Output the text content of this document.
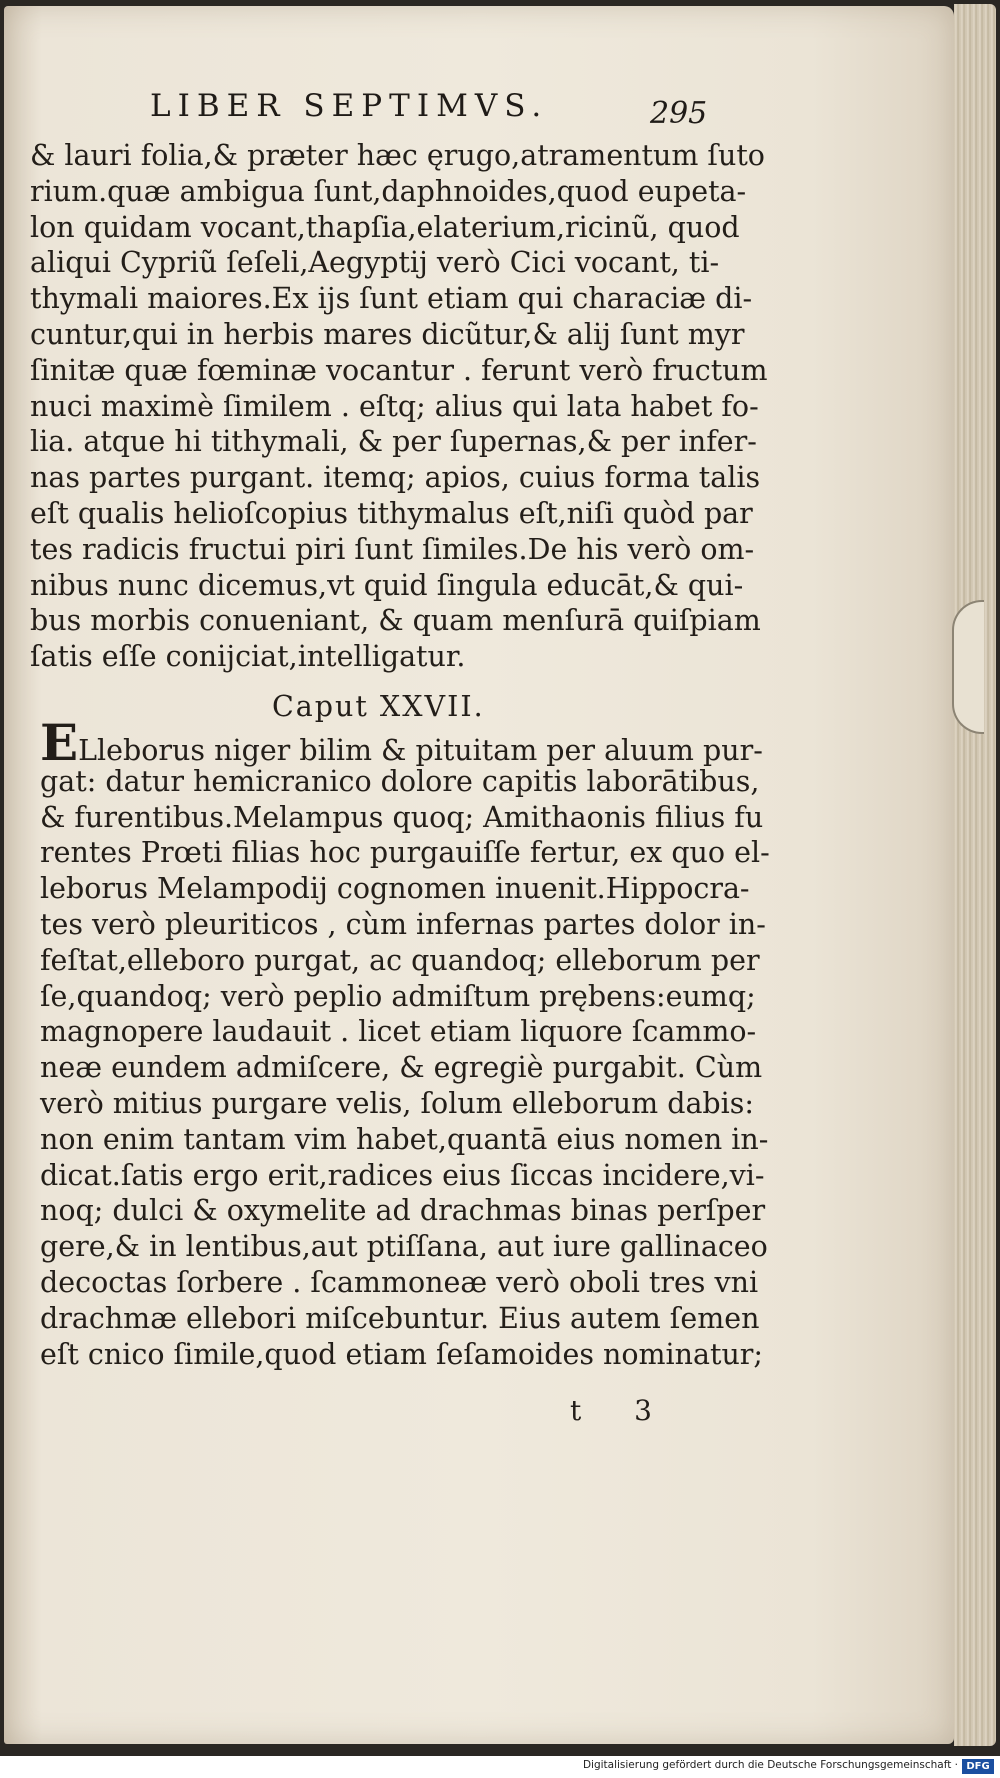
LIBER SEPTIMVS.	295
& lauri folia,& præter hæc ęrugo,atramentum ſuto
rium.quæ ambigua ſunt,daphnoides,quod eupeta-
lon quidam vocant,thapſia,elaterium,ricinũ, quod
aliqui Cypriũ ſeſeli,Aegyptij verò Cici vocant, ti-
thymali maiores.Ex ijs ſunt etiam qui characiæ di-
cuntur,qui in herbis mares dicũtur,& alij ſunt myr
ſinitæ quæ fœminæ vocantur . ferunt verò fructum
nuci maximè ſimilem . eſtq; alius qui lata habet fo-
lia. atque hi tithymali, & per ſupernas,& per infer-
nas partes purgant. itemq; apios, cuius forma talis
eſt qualis helioſcopius tithymalus eſt,niſi quòd par
tes radicis fructui piri ſunt ſimiles.De his verò om-
nibus nunc dicemus,vt quid ſingula educāt,& qui-
bus morbis conueniant, & quam menſurā quiſpiam
ſatis eſſe conijciat,intelligatur.
Caput XXVII.
ELleborus niger bilim & pituitam per aluum pur-
gat: datur hemicranico dolore capitis laborātibus,
& furentibus.Melampus quoq; Amithaonis filius fu
rentes Prœti filias hoc purgauiſſe fertur, ex quo el-
leborus Melampodij cognomen inuenit.Hippocra-
tes verò pleuriticos , cùm infernas partes dolor in-
feſtat,elleboro purgat, ac quandoq; elleborum per
ſe,quandoq; verò peplio admiſtum prębens:eumq;
magnopere laudauit . licet etiam liquore ſcammo-
neæ eundem admiſcere, & egregiè purgabit. Cùm
verò mitius purgare velis, ſolum elleborum dabis:
non enim tantam vim habet,quantā eius nomen in-
dicat.ſatis ergo erit,radices eius ſiccas incidere,vi-
noq; dulci & oxymelite ad drachmas binas perſper
gere,& in lentibus,aut ptiſſana, aut iure gallinaceo
decoctas ſorbere . ſcammoneæ verò oboli tres vni
drachmæ ellebori miſcebuntur. Eius autem ſemen
eſt cnico ſimile,quod etiam ſeſamoides nominatur;
t 3
Digitalisierung gefördert durch die Deutsche Forschungsgemeinschaft · DFG
